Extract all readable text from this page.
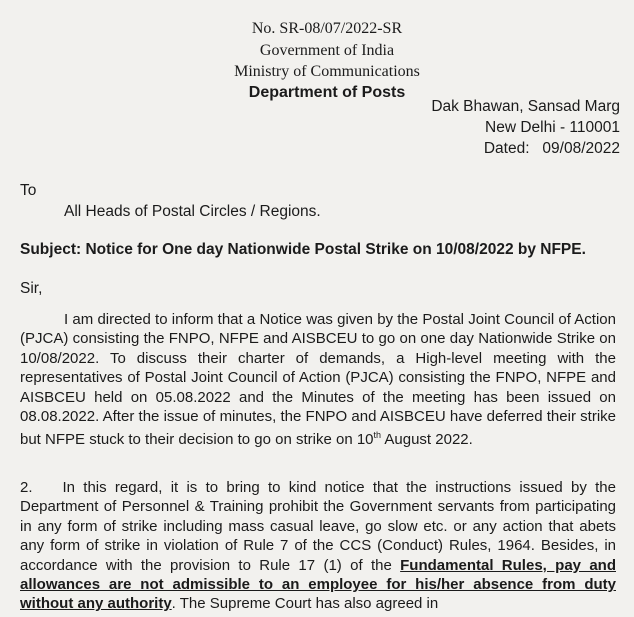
No. SR-08/07/2022-SR
Government of India
Ministry of Communications
Department of Posts
Dak Bhawan, Sansad Marg
New Delhi - 110001
Dated: 09/08/2022
To
All Heads of Postal Circles / Regions.
Subject: Notice for One day Nationwide Postal Strike on 10/08/2022 by NFPE.
Sir,
I am directed to inform that a Notice was given by the Postal Joint Council of Action (PJCA) consisting the FNPO, NFPE and AISBCEU to go on one day Nationwide Strike on 10/08/2022. To discuss their charter of demands, a High-level meeting with the representatives of Postal Joint Council of Action (PJCA) consisting the FNPO, NFPE and AISBCEU held on 05.08.2022 and the Minutes of the meeting has been issued on 08.08.2022. After the issue of minutes, the FNPO and AISBCEU have deferred their strike but NFPE stuck to their decision to go on strike on 10th August 2022.
2. In this regard, it is to bring to kind notice that the instructions issued by the Department of Personnel & Training prohibit the Government servants from participating in any form of strike including mass casual leave, go slow etc. or any action that abets any form of strike in violation of Rule 7 of the CCS (Conduct) Rules, 1964. Besides, in accordance with the provision to Rule 17 (1) of the Fundamental Rules, pay and allowances are not admissible to an employee for his/her absence from duty without any authority. The Supreme Court has also agreed in
